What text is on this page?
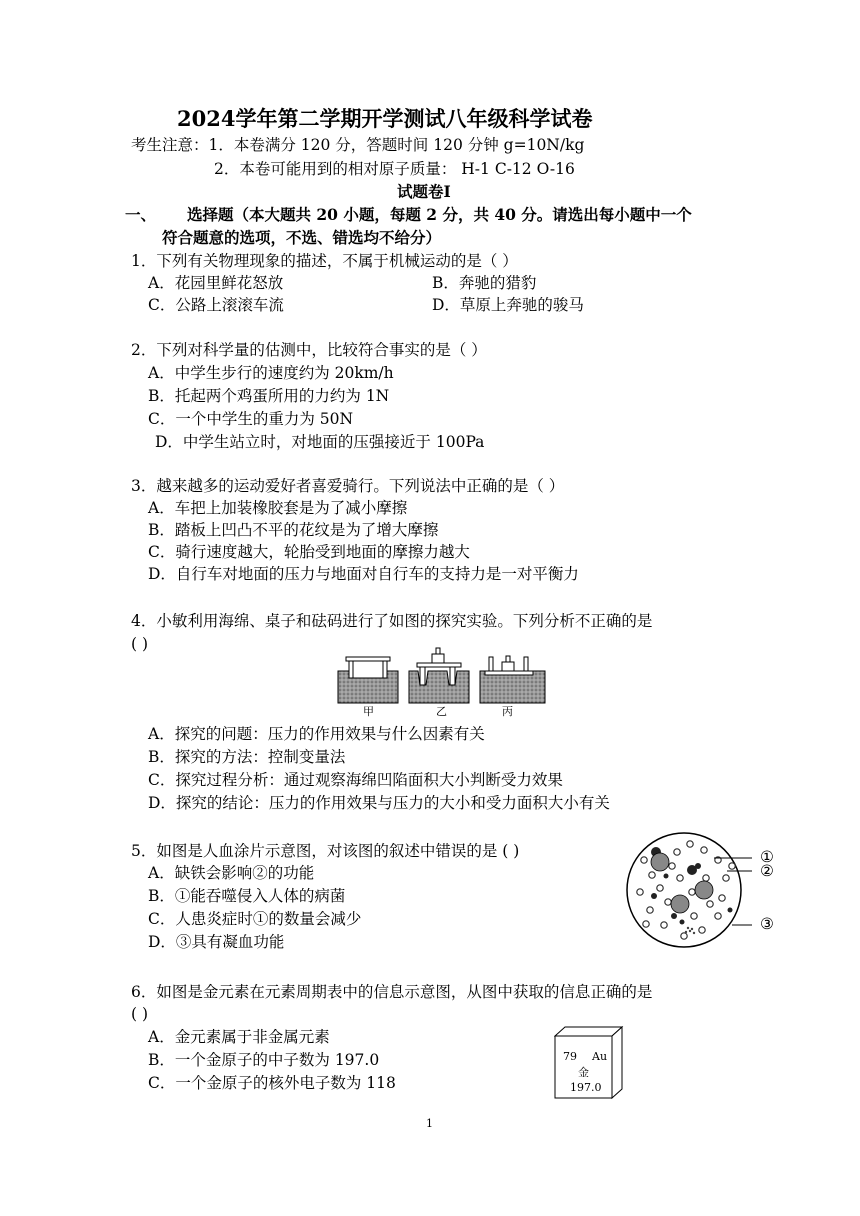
2024学年第二学期开学测试八年级科学试卷
考生注意：1．本卷满分 120 分，答题时间 120 分钟 g=10N/kg
2．本卷可能用到的相对原子质量： H-1 C-12 O-16
试题卷Ⅰ
一、 选择题（本大题共 20 小题，每题 2 分，共 40 分。请选出每小题中一个
符合题意的选项，不选、错选均不给分）
1．下列有关物理现象的描述，不属于机械运动的是（ ）
A．花园里鲜花怒放	B．奔驰的猎豹
C．公路上滚滚车流	D．草原上奔驰的骏马
2．下列对科学量的估测中，比较符合事实的是（ ）
A．中学生步行的速度约为 20km/h
B．托起两个鸡蛋所用的力约为 1N
C．一个中学生的重力为 50N
D．中学生站立时，对地面的压强接近于 100Pa
3．越来越多的运动爱好者喜爱骑行。下列说法中正确的是（ ）
A．车把上加装橡胶套是为了减小摩擦
B．踏板上凹凸不平的花纹是为了增大摩擦
C．骑行速度越大，轮胎受到地面的摩擦力越大
D．自行车对地面的压力与地面对自行车的支持力是一对平衡力
4．小敏利用海绵、桌子和砝码进行了如图的探究实验。下列分析不正确的是
( )
甲	乙	丙
A．探究的问题：压力的作用效果与什么因素有关
B．探究的方法：控制变量法
C．探究过程分析：通过观察海绵凹陷面积大小判断受力效果
D．探究的结论：压力的作用效果与压力的大小和受力面积大小有关
5．如图是人血涂片示意图，对该图的叙述中错误的是 ( )
A．缺铁会影响②的功能
B．①能吞噬侵入人体的病菌
C．人患炎症时①的数量会减少
D．③具有凝血功能
①
②
③
6．如图是金元素在元素周期表中的信息示意图，从图中获取的信息正确的是
( )
A．金元素属于非金属元素
B．一个金原子的中子数为 197.0
C．一个金原子的核外电子数为 118
79 Au
金
197.0
1
